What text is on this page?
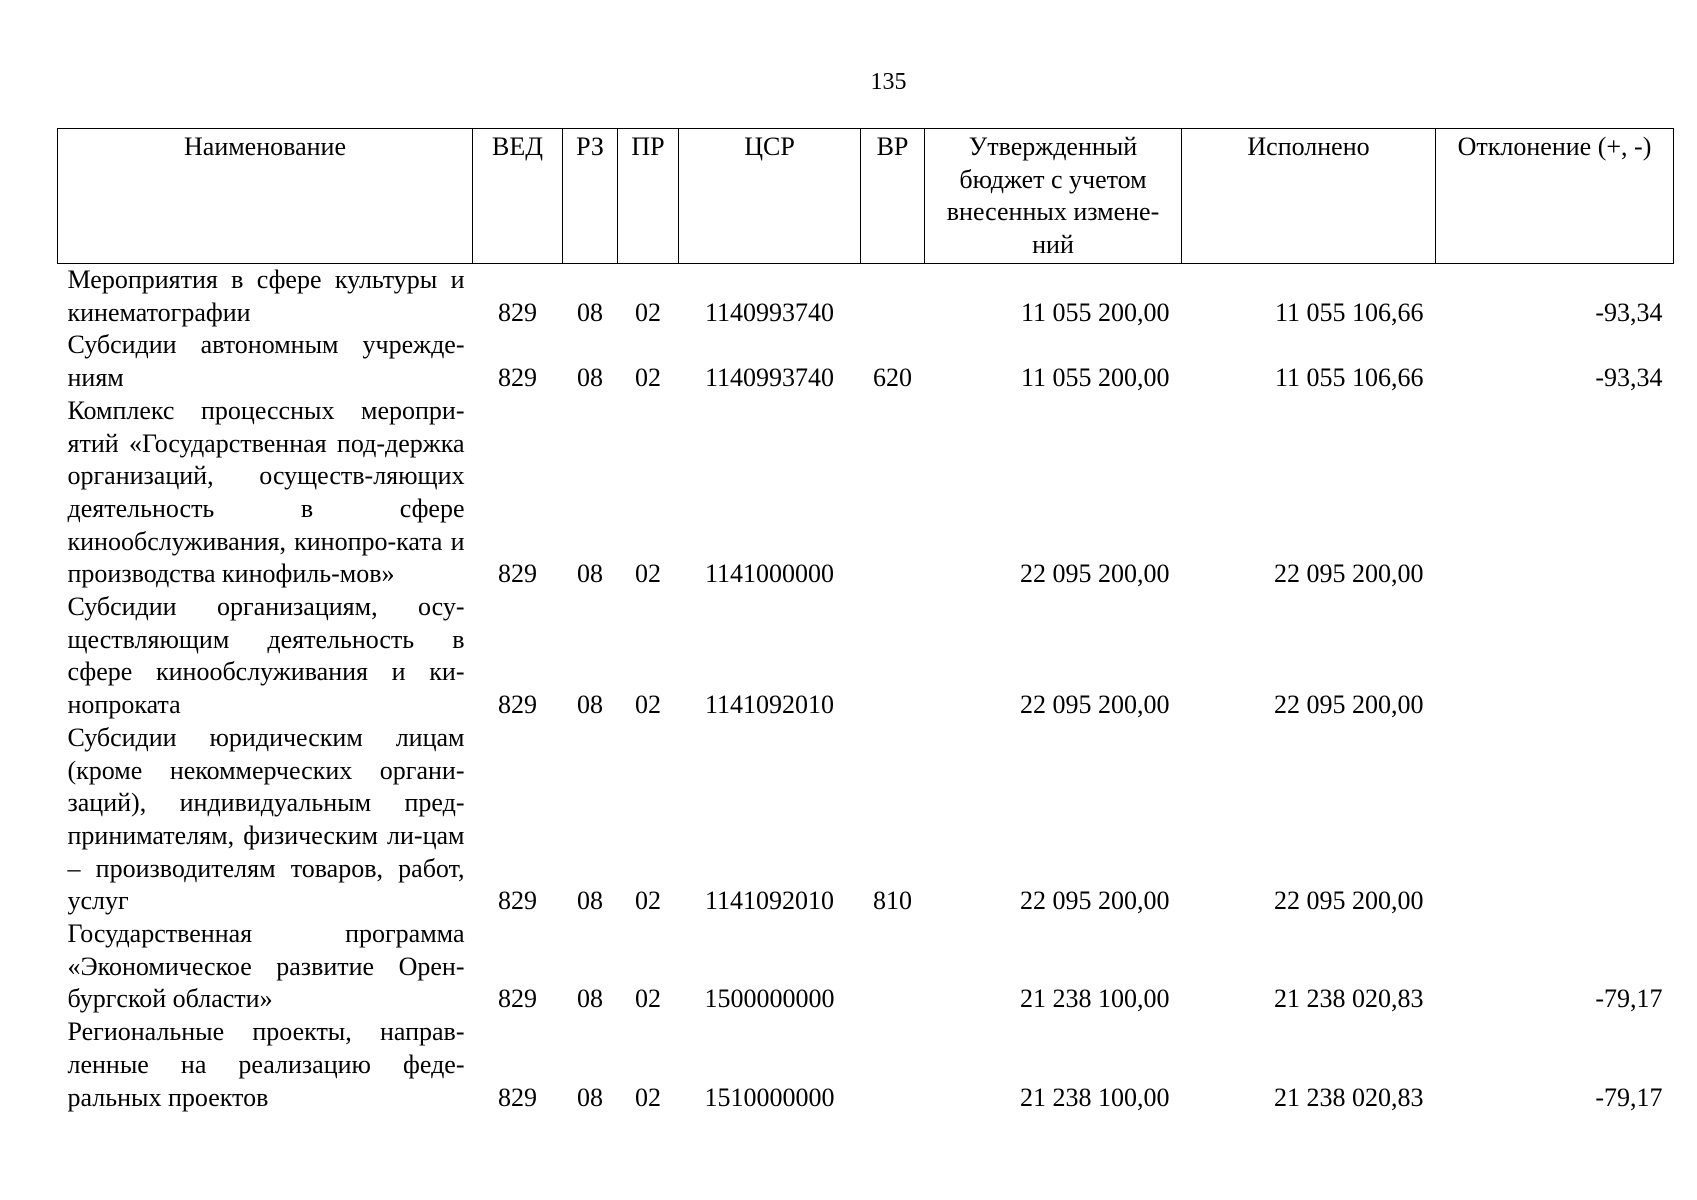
135
Наименование	ВЕД	РЗ	ПР	ЦСР	ВР	Утвержденный бюджет с учетом внесенных измене-ний	Исполнено	Отклонение (+, -)
Мероприятия в сфере культуры и кинематографии	829	08	02	1140993740		11 055 200,00	11 055 106,66	-93,34
Субсидии автономным учрежде-ниям	829	08	02	1140993740	620	11 055 200,00	11 055 106,66	-93,34
Комплекс процессных меропри-ятий «Государственная под-держка организаций, осуществ-ляющих деятельность в сфере кинообслуживания, кинопро-ката и производства кинофиль-мов»	829	08	02	1141000000		22 095 200,00	22 095 200,00	
Субсидии организациям, осу-ществляющим деятельность в сфере кинообслуживания и ки-нопроката	829	08	02	1141092010		22 095 200,00	22 095 200,00	
Субсидии юридическим лицам (кроме некоммерческих органи-заций), индивидуальным пред-принимателям, физическим ли-цам – производителям товаров, работ, услуг	829	08	02	1141092010	810	22 095 200,00	22 095 200,00	
Государственная программа «Экономическое развитие Орен-бургской области»	829	08	02	1500000000		21 238 100,00	21 238 020,83	-79,17
Региональные проекты, направ-ленные на реализацию феде-ральных проектов	829	08	02	1510000000		21 238 100,00	21 238 020,83	-79,17
